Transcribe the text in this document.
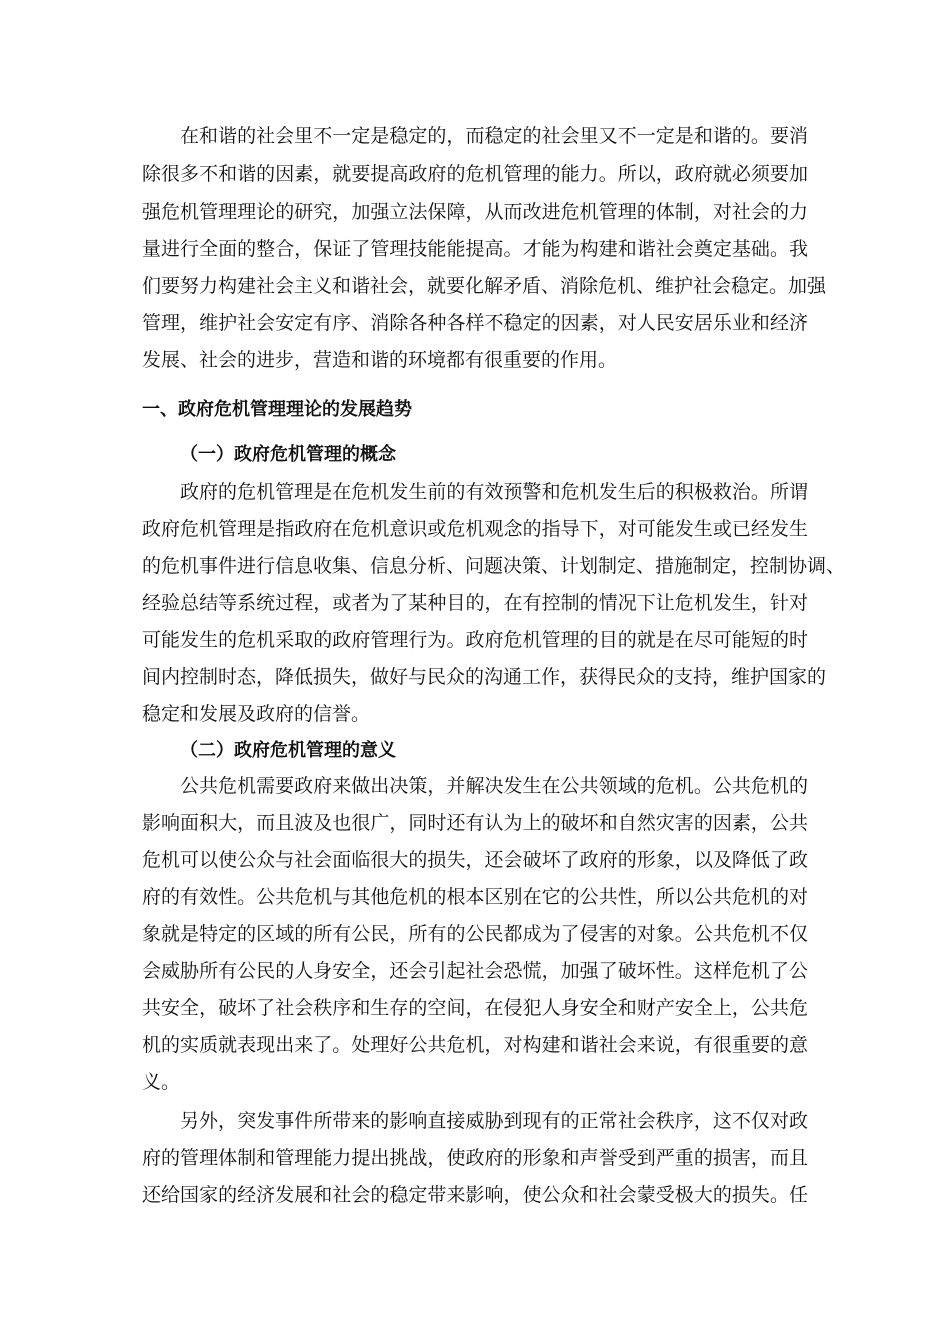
在和谐的社会里不一定是稳定的，而稳定的社会里又不一定是和谐的。要消
除很多不和谐的因素，就要提高政府的危机管理的能力。所以，政府就必须要加
强危机管理理论的研究，加强立法保障，从而改进危机管理的体制，对社会的力
量进行全面的整合，保证了管理技能能提高。才能为构建和谐社会奠定基础。我
们要努力构建社会主义和谐社会，就要化解矛盾、消除危机、维护社会稳定。加强
管理，维护社会安定有序、消除各种各样不稳定的因素，对人民安居乐业和经济
发展、社会的进步，营造和谐的环境都有很重要的作用。
一、政府危机管理理论的发展趋势
（一）政府危机管理的概念
政府的危机管理是在危机发生前的有效预警和危机发生后的积极救治。所谓
政府危机管理是指政府在危机意识或危机观念的指导下，对可能发生或已经发生
的危机事件进行信息收集、信息分析、问题决策、计划制定、措施制定，控制协调、
经验总结等系统过程，或者为了某种目的，在有控制的情况下让危机发生，针对
可能发生的危机采取的政府管理行为。政府危机管理的目的就是在尽可能短的时
间内控制时态，降低损失，做好与民众的沟通工作，获得民众的支持，维护国家的
稳定和发展及政府的信誉。
（二）政府危机管理的意义
公共危机需要政府来做出决策，并解决发生在公共领域的危机。公共危机的
影响面积大，而且波及也很广，同时还有认为上的破坏和自然灾害的因素，公共
危机可以使公众与社会面临很大的损失，还会破坏了政府的形象，以及降低了政
府的有效性。公共危机与其他危机的根本区别在它的公共性，所以公共危机的对
象就是特定的区域的所有公民，所有的公民都成为了侵害的对象。公共危机不仅
会威胁所有公民的人身安全，还会引起社会恐慌，加强了破坏性。这样危机了公
共安全，破坏了社会秩序和生存的空间，在侵犯人身安全和财产安全上，公共危
机的实质就表现出来了。处理好公共危机，对构建和谐社会来说，有很重要的意
义。
另外，突发事件所带来的影响直接威胁到现有的正常社会秩序，这不仅对政
府的管理体制和管理能力提出挑战，使政府的形象和声誉受到严重的损害，而且
还给国家的经济发展和社会的稳定带来影响，使公众和社会蒙受极大的损失。任
